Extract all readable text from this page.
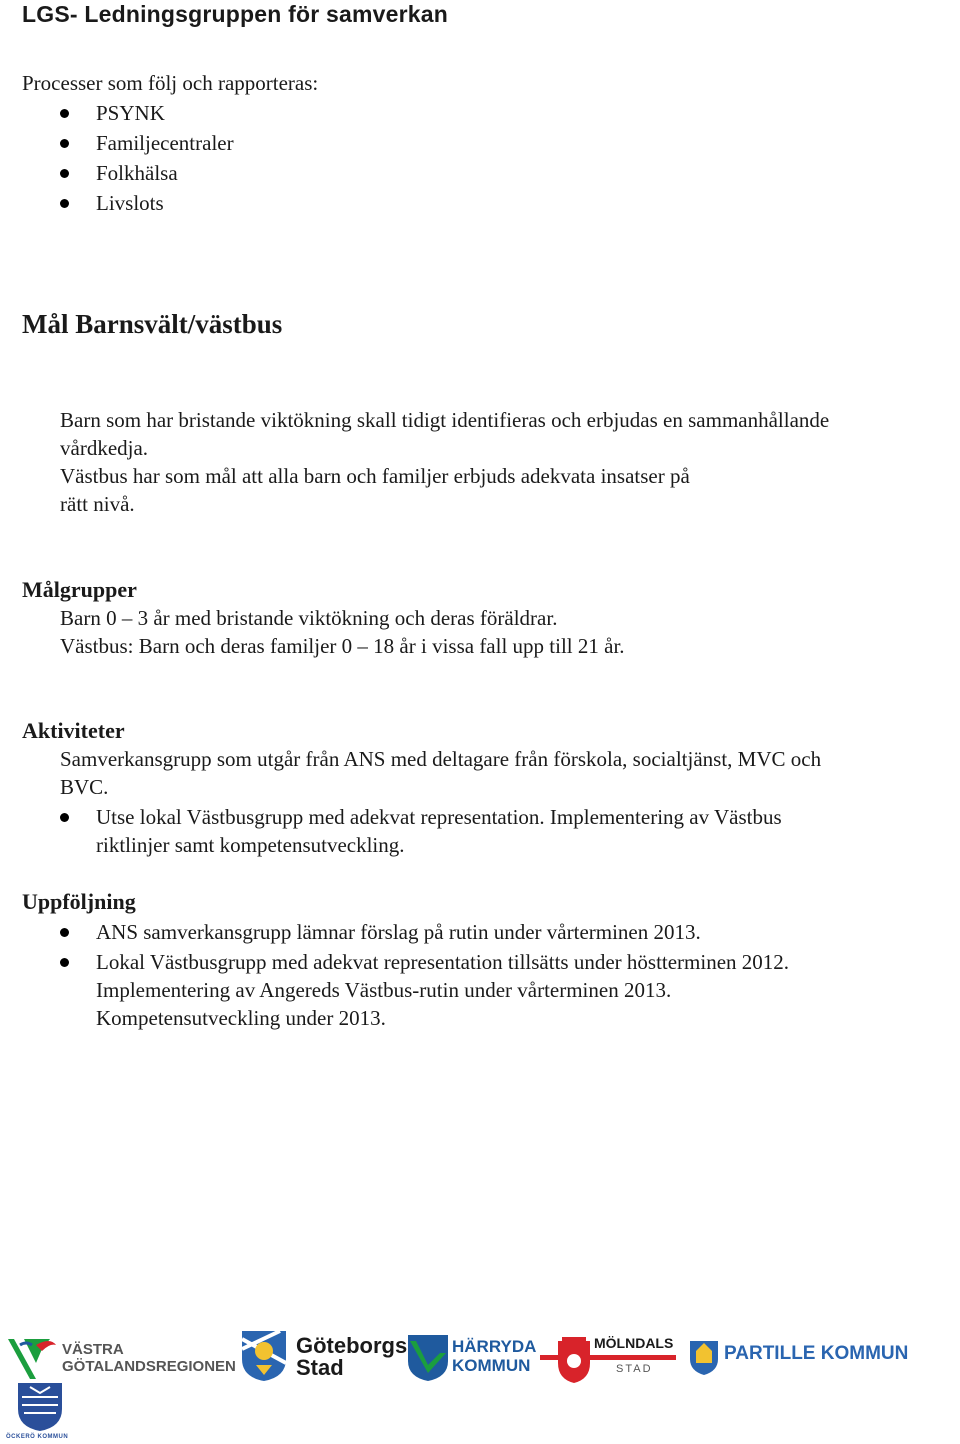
LGS- Ledningsgruppen för samverkan
Processer som följ och rapporteras:
PSYNK
Familjecentraler
Folkhälsa
Livslots
Mål Barnsvält/västbus
Barn som har bristande viktökning skall tidigt identifieras och erbjudas en sammanhållande
vårdkedja.
Västbus har som mål att alla barn och familjer erbjuds adekvata insatser på
rätt nivå.
Målgrupper
Barn 0 – 3 år med bristande viktökning och deras föräldrar.
Västbus: Barn och deras familjer 0 – 18 år i vissa fall upp till 21 år.
Aktiviteter
Samverkansgrupp som utgår från ANS med deltagare från förskola, socialtjänst, MVC och
BVC.
Utse lokal Västbusgrupp med adekvat representation. Implementering av Västbus
riktlinjer samt kompetensutveckling.
Uppföljning
ANS samverkansgrupp lämnar förslag på rutin under vårterminen 2013.
Lokal Västbusgrupp med adekvat representation tillsätts under höstterminen 2012.
Implementering av Angereds Västbus-rutin under vårterminen 2013.
Kompetensutveckling under 2013.
VÄSTRA
GÖTALANDSREGIONEN
Göteborgs
Stad
HÄRRYDA
KOMMUN
MÖLNDALS
STAD
PARTILLE KOMMUN
ÖCKERÖ KOMMUN
